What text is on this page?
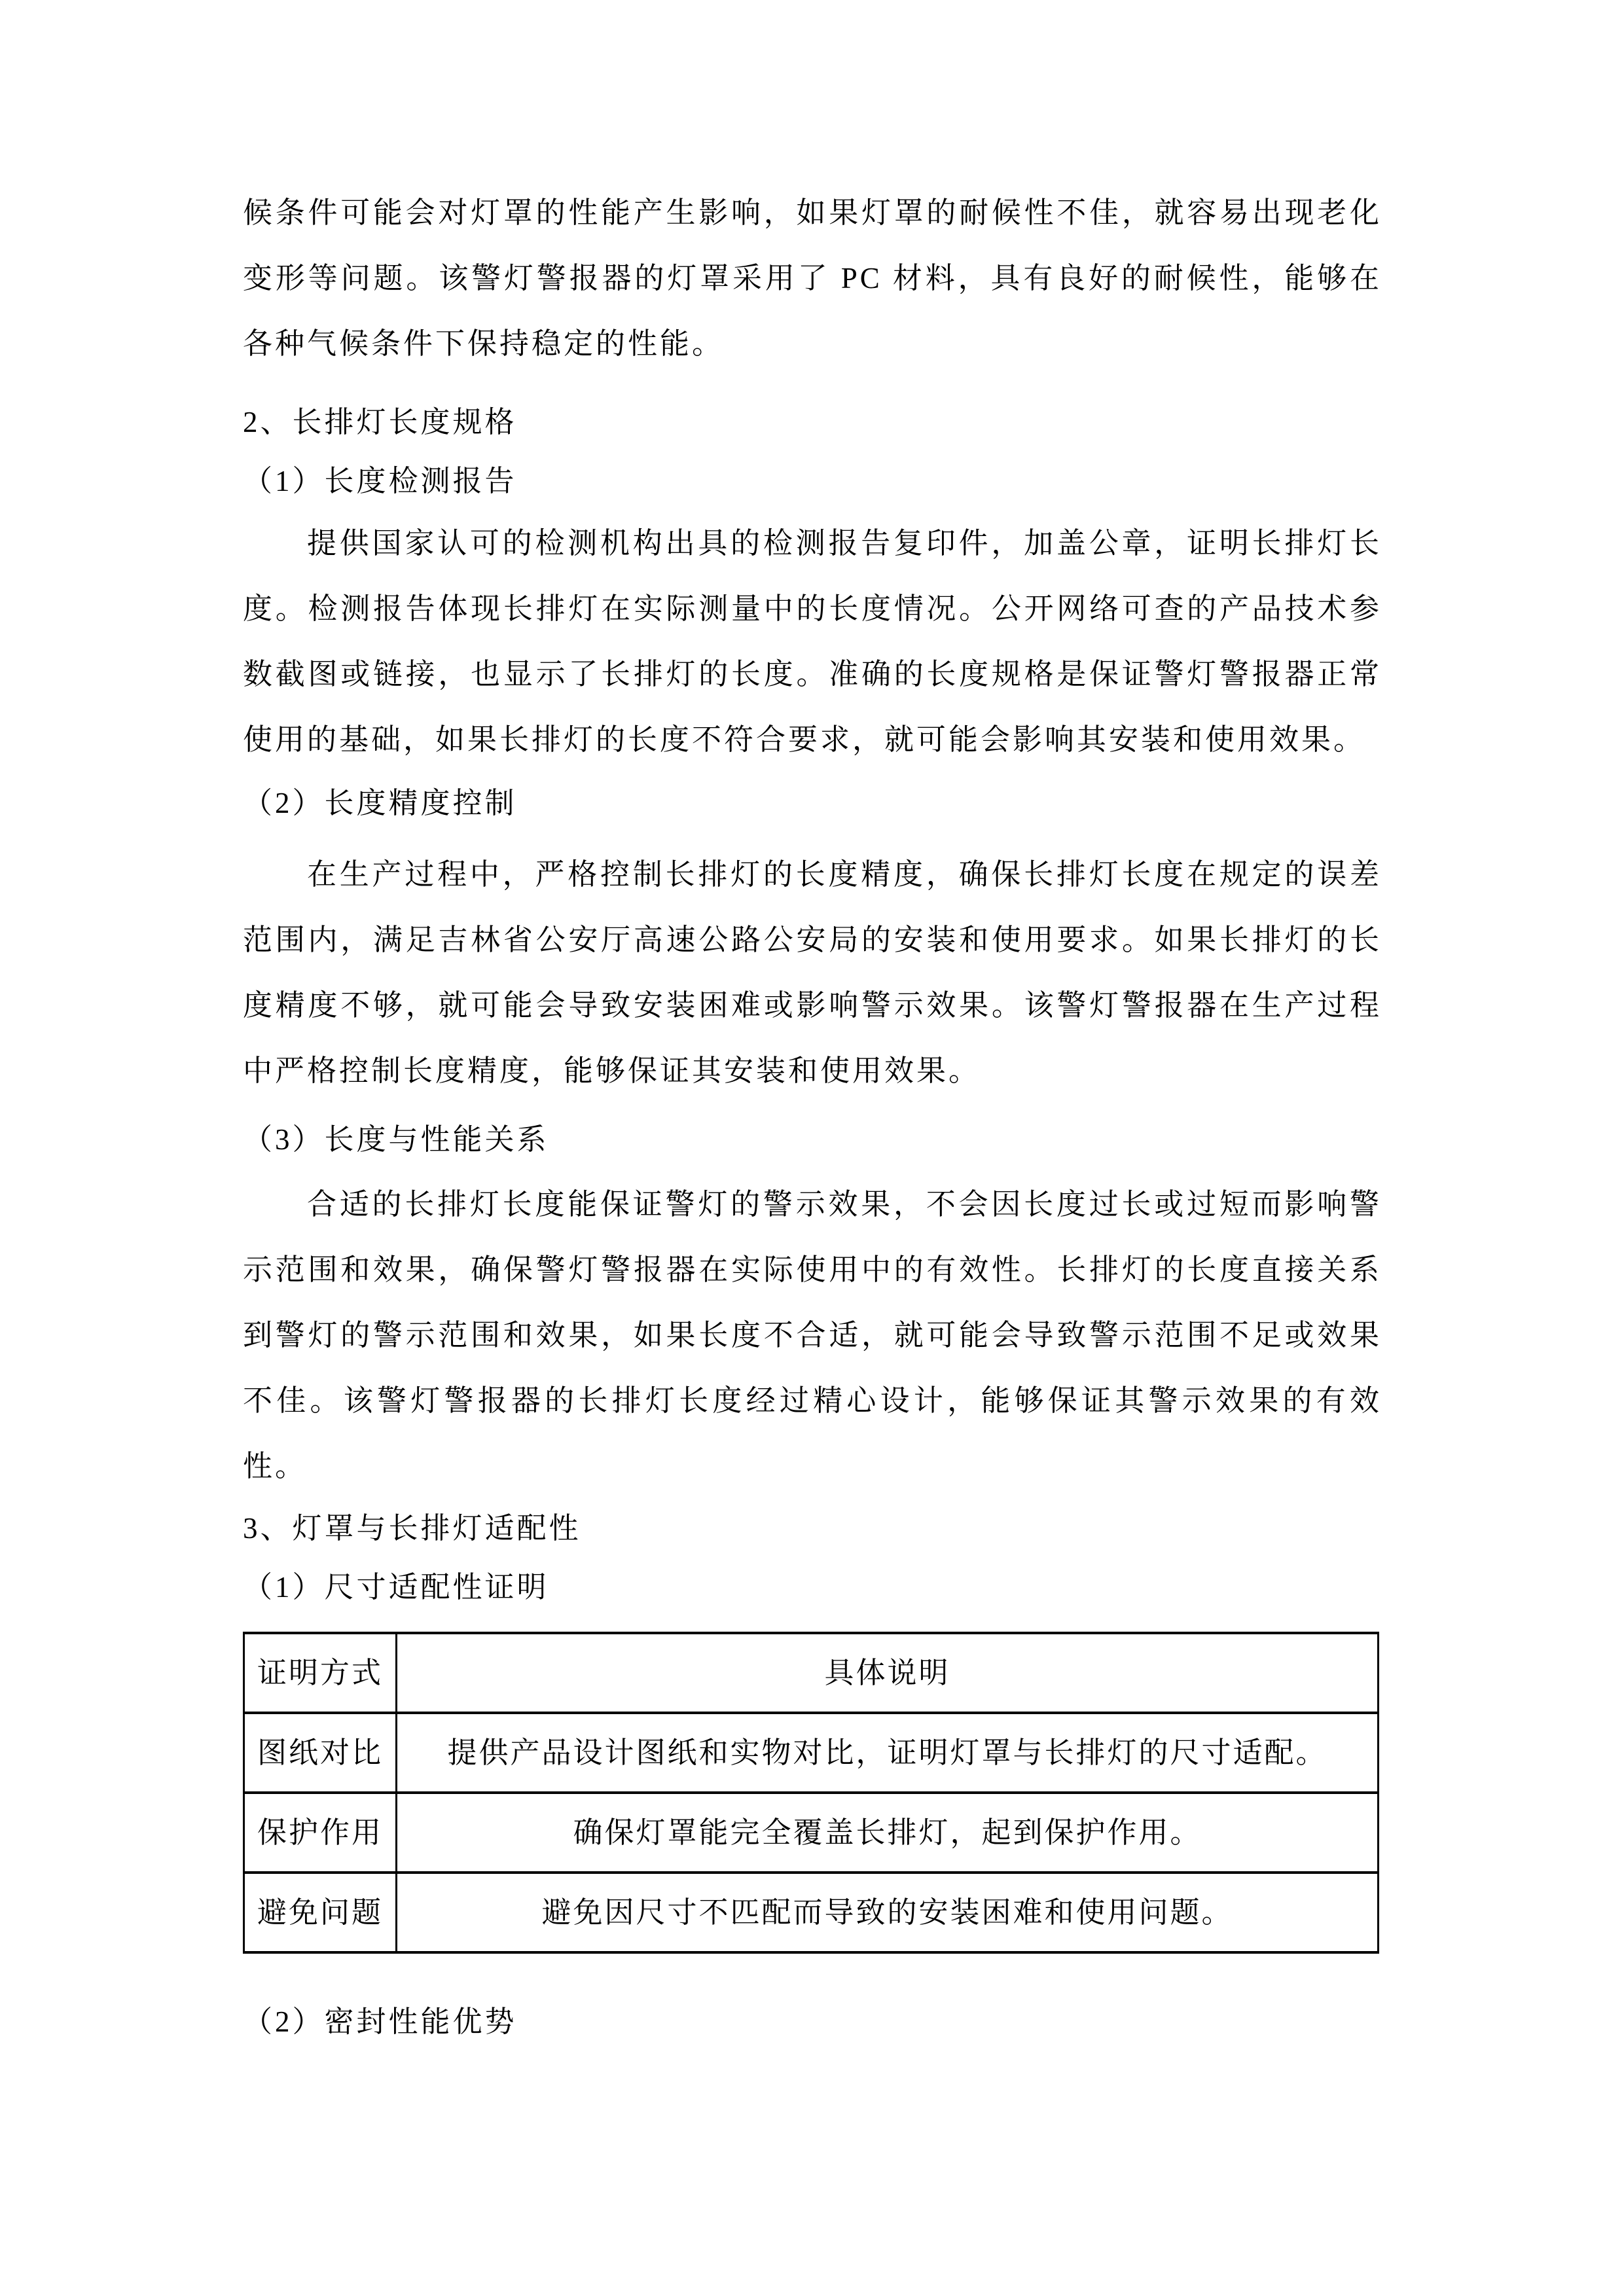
候条件可能会对灯罩的性能产生影响，如果灯罩的耐候性不佳，就容易出现老化变形等问题。该警灯警报器的灯罩采用了 PC 材料，具有良好的耐候性，能够在各种气候条件下保持稳定的性能。

2、长排灯长度规格

（1）长度检测报告

提供国家认可的检测机构出具的检测报告复印件，加盖公章，证明长排灯长度。检测报告体现长排灯在实际测量中的长度情况。公开网络可查的产品技术参数截图或链接，也显示了长排灯的长度。准确的长度规格是保证警灯警报器正常使用的基础，如果长排灯的长度不符合要求，就可能会影响其安装和使用效果。

（2）长度精度控制

在生产过程中，严格控制长排灯的长度精度，确保长排灯长度在规定的误差范围内，满足吉林省公安厅高速公路公安局的安装和使用要求。如果长排灯的长度精度不够，就可能会导致安装困难或影响警示效果。该警灯警报器在生产过程中严格控制长度精度，能够保证其安装和使用效果。

（3）长度与性能关系

合适的长排灯长度能保证警灯的警示效果，不会因长度过长或过短而影响警示范围和效果，确保警灯警报器在实际使用中的有效性。长排灯的长度直接关系到警灯的警示范围和效果，如果长度不合适，就可能会导致警示范围不足或效果不佳。该警灯警报器的长排灯长度经过精心设计，能够保证其警示效果的有效性。

3、灯罩与长排灯适配性

（1）尺寸适配性证明

证明方式	具体说明
图纸对比	提供产品设计图纸和实物对比，证明灯罩与长排灯的尺寸适配。
保护作用	确保灯罩能完全覆盖长排灯，起到保护作用。
避免问题	避免因尺寸不匹配而导致的安装困难和使用问题。

（2）密封性能优势
